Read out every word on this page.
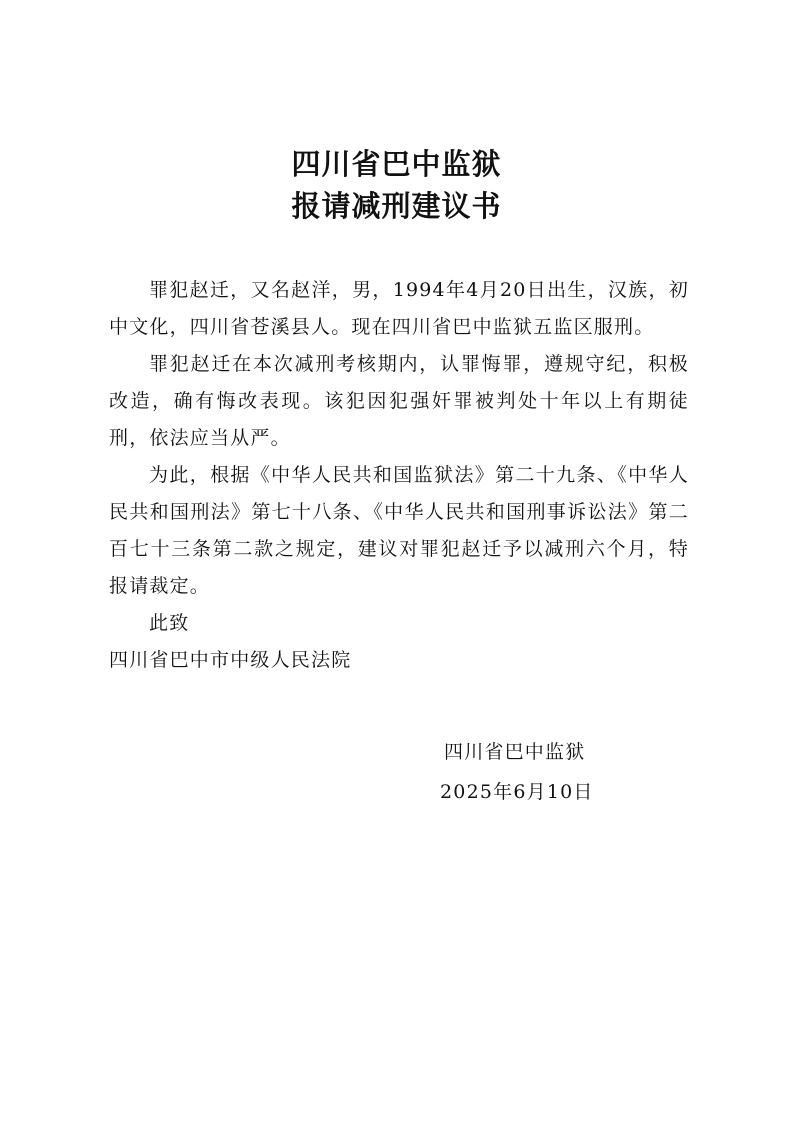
四川省巴中监狱
报请减刑建议书

罪犯赵迁，又名赵洋，男，1994年4月20日出生，汉族，初中文化，四川省苍溪县人。现在四川省巴中监狱五监区服刑。

罪犯赵迁在本次减刑考核期内，认罪悔罪，遵规守纪，积极改造，确有悔改表现。该犯因犯强奸罪被判处十年以上有期徒刑，依法应当从严。

为此，根据《中华人民共和国监狱法》第二十九条、《中华人民共和国刑法》第七十八条、《中华人民共和国刑事诉讼法》第二百七十三条第二款之规定，建议对罪犯赵迁予以减刑六个月，特报请裁定。

此致

四川省巴中市中级人民法院

四川省巴中监狱
2025年6月10日
